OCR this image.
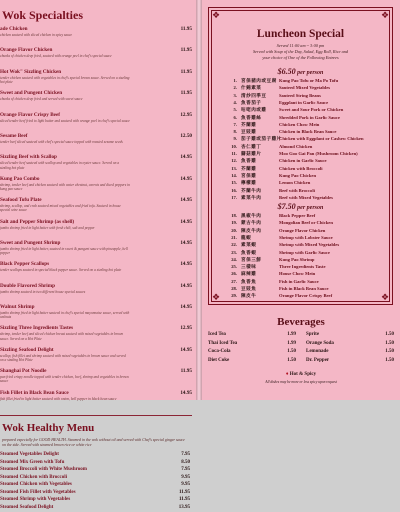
Wok Specialties
ade Chicken	11.95
chicken sauteed with sliced chicken in spicy sauce
Orange Flavor Chicken	11.95
chunks of chicken deep fried, sauteed with orange peel in chef's special sauce
Hot Wok" Sizzling Chicken	11.95
tender chicken sauteed with vegetables in chef's special brown sauce. Served on a sizzling hot plate
Sweet and Pungent Chicken	11.95
chunks of chicken deep fried and served with sweet sauce
Orange Flavor Crispy Beef	12.95
sliced tender beef fried to light batter and sauteed with orange peel in chef's special sauce
Sesame Beef	12.50
tender beef sliced sauteed with chef's special sauce topped with roasted sesame seeds
Sizzling Beef with Scallop	14.95
sliced tender beef sauteed with scallop and vegetables in oyster sauce. Served on a sizzling hot plate
Kung Pao Combo	14.95
shrimp, tender beef and chicken sauteed with water chestnut, carrots and diced peppers in kung pao sauce
Seafood Tofu Plate	14.95
shrimp, scallop, and crab sauteed mixed vegetables and fried tofu. Sauteed in house special wine sauce
Salt and Pepper Shrimp (as shell)	14.95
jumbo shrimp fried in light batter with fresh chili, salt and pepper
Sweet and Pungent Shrimp	14.95
jumbo shrimp fried in light batter, sauteed in sweet & pungent sauce with pineapple, bell pepper
Black Pepper Scallops	14.95
tender scallops sauteed in special black pepper sauce. Served on a sizzling hot plate
Double Flavored Shrimp	14.95
jumbo shrimp sauteed in two different house special sauces
Walnut Shrimp	14.95
jumbo shrimp fried in light batter sauteed in chef's special mayonnaise sauce, served with walnuts
Sizzling Three Ingredients Tastes	12.95
shrimp, tender beef and sliced chicken breast sauteed with mixed vegetables in brown sauce. Served on a Hot Plate
Sizzling Seafood Delight	14.95
scallop, fish fillet and shrimp sauteed with mixed vegetables in brown sauce and served on a sizzling Hot Plate
Shanghai Pot Noodle	11.95
pan fried crispy noodle topped with tender chicken, beef, shrimp and vegetables in brown sauce
Fish Fillet in Black Bean Sauce	14.95
fish fillet fried in light batter sauteed with onion, bell pepper in black bean sauce
Wok Healthy Menu
prepared especially for GOOD HEALTH. Steamed in the wok without oil and served with Chef's special ginger sauce on the side. Served with steamed brown rice or white rice
Steamed Vegetables Delight	7.95
Steamed Mix Green with Tofu	8.50
Steamed Broccoli with White Mushroom	7.95
Steamed Chicken with Broccoli	9.95
Steamed Chicken with Vegetables	9.95
Steamed Fish Fillet with Vegetables	11.95
Steamed Shrimp with Vegetables	11.95
Steamed Seafood Delight	13.95
❖	❖
❖	❖
Luncheon Special
Served 11:00 am ~ 3:00 pm
Served with Soup of the Day, Salad, Egg Roll, Rice and
your choice of One of the Following Entrees
$6.50 per person
1. 宮保豬肉或豆腐 Kung Pao Tofu or Ma Po Tofu
2. 什錦素菜	Sauteed Mixed Vegetables
3. 清炒四季豆	Sauteed String Beans
4. 魚香茄子	Eggplant in Garlic Sauce
5. 咕咾肉或雞	Sweet and Sour Pork or Chicken
6. 魚香雞絲	Shredded Pork in Garlic Sauce
7. 芥蘭雞	Chicken Chow Mein
8. 豆豉雞	Chicken in Black Bean Sauce
9. 茄子雞或茄子雞片
Chicken with Eggplant or Cashew Chicken
10. 杏仁雞丁	Almond Chicken
11. 蘑菇雞片	Moo Goo Gai Pan (Mushroom Chicken)
12. 魚香雞	Chicken in Garlic Sauce
13. 芥蘭雞	Chicken with Broccoli
14. 宮保雞	Kung Pao Chicken
15. 檸檬雞	Lemon Chicken
16. 芥蘭牛肉	Beef with Broccoli
17. 素菜牛肉	Beef with Mixed Vegetables
$7.50 per person
18. 黑椒牛肉	Black Pepper Beef
19. 蒙古牛肉	Mongolian Beef or Chicken
20. 陳皮牛肉	Orange Flavor Chicken
21. 龍蝦	Shrimp with Lobster Sauce
22. 素菜蝦	Shrimp with Mixed Vegetables
23. 魚香蝦	Shrimp with Garlic Sauce
24. 宮保三鮮	Kung Pao Shrimp
25. 三樣味	Three Ingredients Taste
26. 麻辣雞	House Chow Mein
27. 魚香魚	Fish in Garlic Sauce
28. 豆豉魚	Fish in Black Bean Sauce
29. 陳皮牛	Orange Flavor Crispy Beef
Beverages
Iced Tea	1.99
Thai Iced Tea	1.99
Coca-Cola	1.50
Diet Coke	1.50
Sprite	1.50
Orange Soda	1.50
Lemonade	1.50
Dr. Pepper	1.50
♦ Hot & Spicy
All dishes may be more or less spicy upon request
